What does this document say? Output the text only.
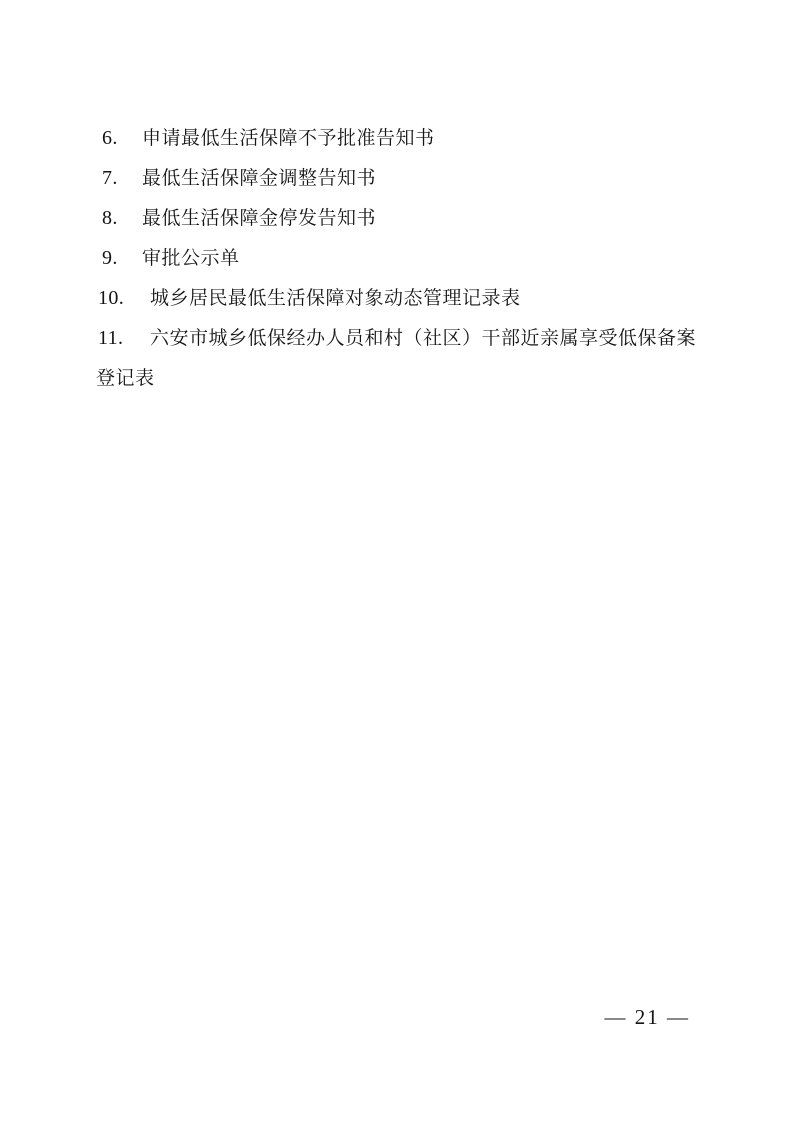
6. 申请最低生活保障不予批准告知书
7. 最低生活保障金调整告知书
8. 最低生活保障金停发告知书
9. 审批公示单
10. 城乡居民最低生活保障对象动态管理记录表
11. 六安市城乡低保经办人员和村（社区）干部近亲属享受低保备案登记表
— 21 —
